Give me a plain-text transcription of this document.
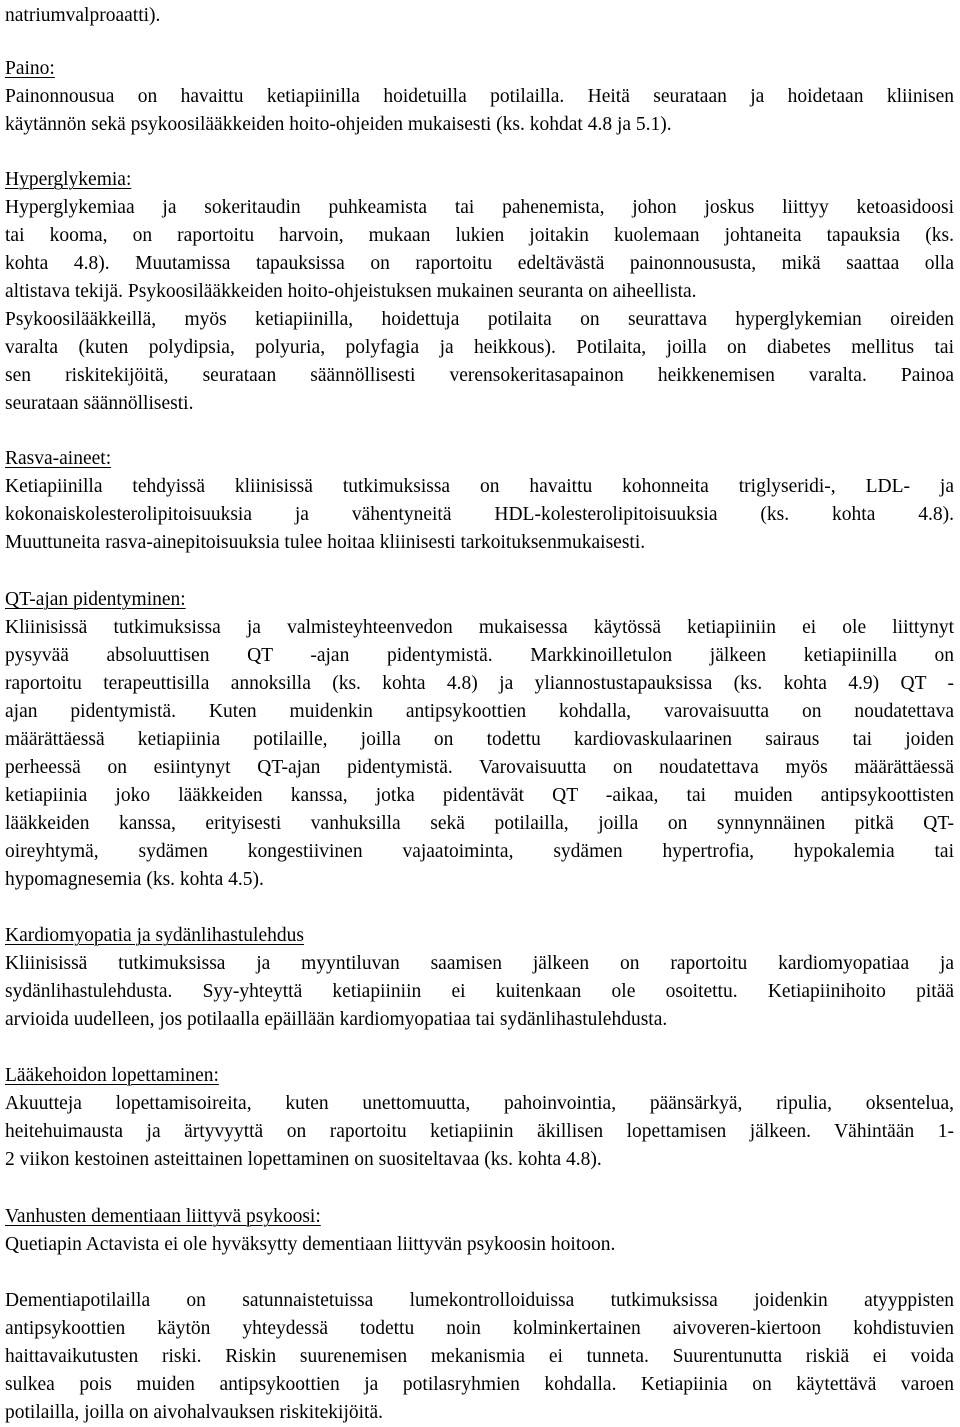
natriumvalproaatti).
Paino:
Painonnousua on havaittu ketiapiinilla hoidetuilla potilailla. Heitä seurataan ja hoidetaan kliinisen
käytännön sekä psykoosilääkkeiden hoito-ohjeiden mukaisesti (ks. kohdat 4.8 ja 5.1).
Hyperglykemia:
Hyperglykemiaa ja sokeritaudin puhkeamista tai pahenemista, johon joskus liittyy ketoasidoosi
tai kooma, on raportoitu harvoin, mukaan lukien joitakin kuolemaan johtaneita tapauksia (ks.
kohta 4.8). Muutamissa tapauksissa on raportoitu edeltävästä painonnoususta, mikä saattaa olla
altistava tekijä. Psykoosilääkkeiden hoito-ohjeistuksen mukainen seuranta on aiheellista.
Psykoosilääkkeillä, myös ketiapiinilla, hoidettuja potilaita on seurattava hyperglykemian oireiden
varalta (kuten polydipsia, polyuria, polyfagia ja heikkous). Potilaita, joilla on diabetes mellitus tai
sen riskitekijöitä, seurataan säännöllisesti verensokeritasapainon heikkenemisen varalta. Painoa
seurataan säännöllisesti.
Rasva-aineet:
Ketiapiinilla tehdyissä kliinisissä tutkimuksissa on havaittu kohonneita triglyseridi-, LDL- ja
kokonaiskolesterolipitoisuuksia ja vähentyneitä HDL-kolesterolipitoisuuksia (ks. kohta 4.8).
Muuttuneita rasva-ainepitoisuuksia tulee hoitaa kliinisesti tarkoituksenmukaisesti.
QT-ajan pidentyminen:
Kliinisissä tutkimuksissa ja valmisteyhteenvedon mukaisessa käytössä ketiapiiniin ei ole liittynyt
pysyvää absoluuttisen QT -ajan pidentymistä. Markkinoilletulon jälkeen ketiapiinilla on
raportoitu terapeuttisilla annoksilla (ks. kohta 4.8) ja yliannostustapauksissa (ks. kohta 4.9) QT -
ajan pidentymistä. Kuten muidenkin antipsykoottien kohdalla, varovaisuutta on noudatettava
määrättäessä ketiapiinia potilaille, joilla on todettu kardiovaskulaarinen sairaus tai joiden
perheessä on esiintynyt QT-ajan pidentymistä. Varovaisuutta on noudatettava myös määrättäessä
ketiapiinia joko lääkkeiden kanssa, jotka pidentävät QT -aikaa, tai muiden antipsykoottisten
lääkkeiden kanssa, erityisesti vanhuksilla sekä potilailla, joilla on synnynnäinen pitkä QT-
oireyhtymä, sydämen kongestiivinen vajaatoiminta, sydämen hypertrofia, hypokalemia tai
hypomagnesemia (ks. kohta 4.5).
Kardiomyopatia ja sydänlihastulehdus
Kliinisissä tutkimuksissa ja myyntiluvan saamisen jälkeen on raportoitu kardiomyopatiaa ja
sydänlihastulehdusta. Syy-yhteyttä ketiapiiniin ei kuitenkaan ole osoitettu. Ketiapiinihoito pitää
arvioida uudelleen, jos potilaalla epäillään kardiomyopatiaa tai sydänlihastulehdusta.
Lääkehoidon lopettaminen:
Akuutteja lopettamisoireita, kuten unettomuutta, pahoinvointia, päänsärkyä, ripulia, oksentelua,
heitehuimausta ja ärtyvyyttä on raportoitu ketiapiinin äkillisen lopettamisen jälkeen. Vähintään 1-
2 viikon kestoinen asteittainen lopettaminen on suositeltavaa (ks. kohta 4.8).
Vanhusten dementiaan liittyvä psykoosi:
Quetiapin Actavista ei ole hyväksytty dementiaan liittyvän psykoosin hoitoon.
Dementiapotilailla on satunnaistetuissa lumekontrolloiduissa tutkimuksissa joidenkin atyyppisten
antipsykoottien käytön yhteydessä todettu noin kolminkertainen aivoveren-kiertoon kohdistuvien
haittavaikutusten riski. Riskin suurenemisen mekanismia ei tunneta. Suurentunutta riskiä ei voida
sulkea pois muiden antipsykoottien ja potilasryhmien kohdalla. Ketiapiinia on käytettävä varoen
potilailla, joilla on aivohalvauksen riskitekijöitä.
